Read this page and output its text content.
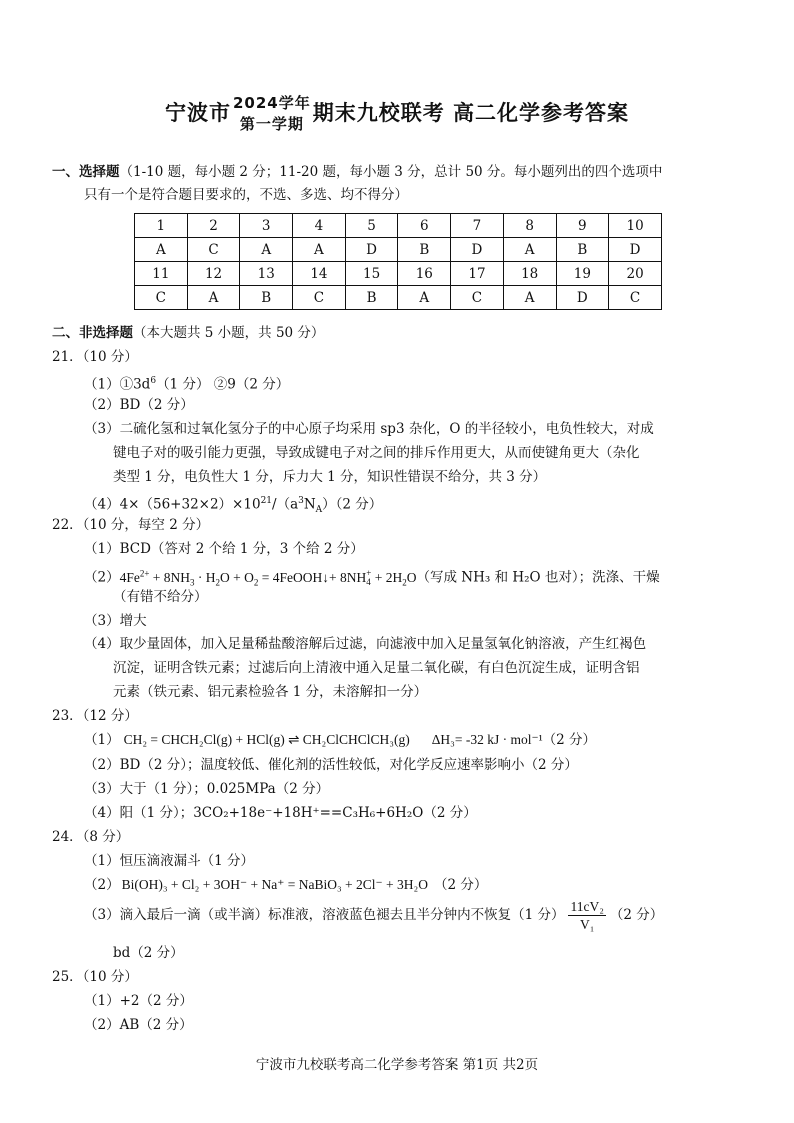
宁波市 2024学年
第一学期 期末九校联考 高二化学参考答案
一、选择题（1-10 题，每小题 2 分；11-20 题，每小题 3 分，总计 50 分。每小题列出的四个选项中
只有一个是符合题目要求的，不选、多选、均不得分）
1	2	3	4	5	6	7	8	9	10
A	C	A	A	D	B	D	A	B	D
11	12	13	14	15	16	17	18	19	20
C	A	B	C	B	A	C	A	D	C
二、非选择题（本大题共 5 小题，共 50 分）
21．（10 分）
$(1)①3d^6(1$ 分） ②9（2 分）
（2）BD（2 分）
（3）二硫化氢和过氧化氢分子的中心原子均采用 sp3 杂化，O 的半径较小，电负性较大，对成
键电子对的吸引能力更强，导致成键电子对之间的排斥作用更大，从而使键角更大（杂化
类型 1 分，电负性大 1 分，斥力大 1 分，知识性错误不给分，共 3 分）
$(4)4\times(56+32\times 2)\times 10^{21}/(a^3N_A)(2$ 分）
22．（10 分，每空 2 分）
（1）BCD（答对 2 个给 1 分，3 个给 2 分）
$(2)4Fe^{2+} + 8NH_3 \cdot H_2O + O_2$ = 4FeOOH↓+ 8NH +
$4 + 2H_2O$（写成 NH₃ 和 H₂O 也对）；洗涤、干燥
（有错不给分）
（3）增大
（4）取少量固体，加入足量稀盐酸溶解后过滤，向滤液中加入足量氢氧化钠溶液，产生红褐色
沉淀，证明含铁元素；过滤后向上清液中通入足量二氧化碳，有白色沉淀生成，证明含铝
元素（铁元素、铝元素检验各 1 分，未溶解扣一分）
23．（12 分）
（1） CH₂ = CHCH₂Cl(g) + HCl(g) ⇌ CH₂ClCHClCH₃(g) ΔH₃= -32 kJ · mol⁻¹（2 分）
（2）BD（2 分）；温度较低、催化剂的活性较低，对化学反应速率影响小（2 分）
（3）大于（1 分）；0.025MPa（2 分）
（4）阳（1 分）；3CO₂+18e⁻+18H⁺==C₃H₆+6H₂O（2 分）
24．（8 分）
（1）恒压滴液漏斗（1 分）
（2） Bi(OH)₃ + Cl₂ + 3OH⁻ + Na⁺ = NaBiO₃ + 2Cl⁻ + 3H₂O （2 分）
（3）滴入最后一滴（或半滴）标准液，溶液蓝色褪去且半分钟内不恢复（1 分） $\frac{\text{11cV₂}}{\text{V₁}} (2$ 分）
bd（2 分）
25．（10 分）
（1）+2（2 分）
（2）AB（2 分）
宁波市九校联考高二化学参考答案 第1页 共2页
